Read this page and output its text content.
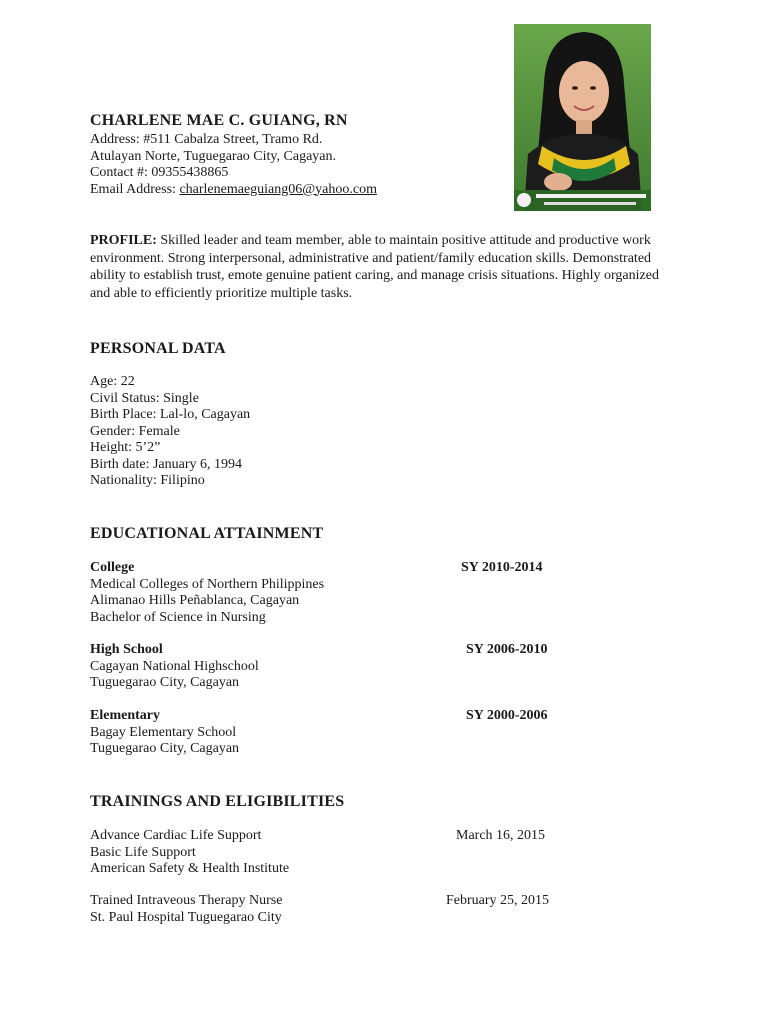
CHARLENE MAE C. GUIANG, RN
Address: #511 Cabalza Street, Tramo Rd.
Atulayan Norte, Tuguegarao City, Cagayan.
Contact #: 09355438865
Email Address: charlenemaeguiang06@yahoo.com
PROFILE: Skilled leader and team member, able to maintain positive attitude and productive work environment. Strong interpersonal, administrative and patient/family education skills. Demonstrated ability to establish trust, emote genuine patient caring, and manage crisis situations. Highly organized and able to efficiently prioritize multiple tasks.
PERSONAL DATA
Age: 22
Civil Status: Single
Birth Place: Lal-lo, Cagayan
Gender: Female
Height: 5’2”
Birth date: January 6, 1994
Nationality: Filipino
EDUCATIONAL ATTAINMENT
College
Medical Colleges of Northern Philippines
Alimanao Hills Peñablanca, Cagayan
Bachelor of Science in Nursing
SY 2010-2014
High School
Cagayan National Highschool
Tuguegarao City, Cagayan
SY 2006-2010
Elementary
Bagay Elementary School
Tuguegarao City, Cagayan
SY 2000-2006
TRAININGS AND ELIGIBILITIES
Advance Cardiac Life Support
Basic Life Support
American Safety & Health Institute
March 16, 2015
Trained Intraveous Therapy Nurse
St. Paul Hospital Tuguegarao City
February 25, 2015
